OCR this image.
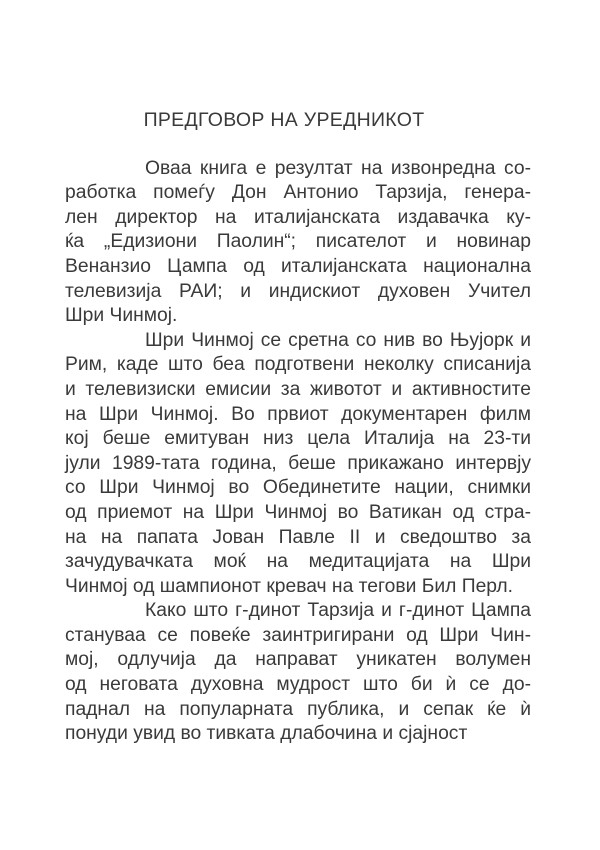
ПРЕДГОВОР НА УРЕДНИКОТ
Оваа книга е резултат на извонредна со-
работка помеѓу Дон Антонио Тарзија, генера-
лен директор на италијанската издавачка ку-
ќа „Едизиони Паолин“; писателот и новинар
Венанзио Цампа од италијанската национална
телевизија РАИ; и индискиот духовен Учител
Шри Чинмој.
Шри Чинмој се сретна со нив во Њујорк и
Рим, каде што беа подготвени неколку списанија
и телевизиски емисии за животот и активностите
на Шри Чинмој. Во првиот документарен филм
кој беше емитуван низ цела Италија на 23-ти
јули 1989-тата година, беше прикажано интервју
со Шри Чинмој во Обединетите нации, снимки
од приемот на Шри Чинмој во Ватикан од стра-
на на папата Јован Павле II и сведоштво за
зачудувачката моќ на медитацијата на Шри
Чинмој од шампионот кревач на тегови Бил Перл.
Како што г-динот Тарзија и г-динот Цампа
стануваа се повеќе заинтригирани од Шри Чин-
мој, одлучија да направат уникатен волумен
од неговата духовна мудрост што би ѝ се до-
паднал на популарната публика, и сепак ќе ѝ
понуди увид во тивката длабочина и сјајност
